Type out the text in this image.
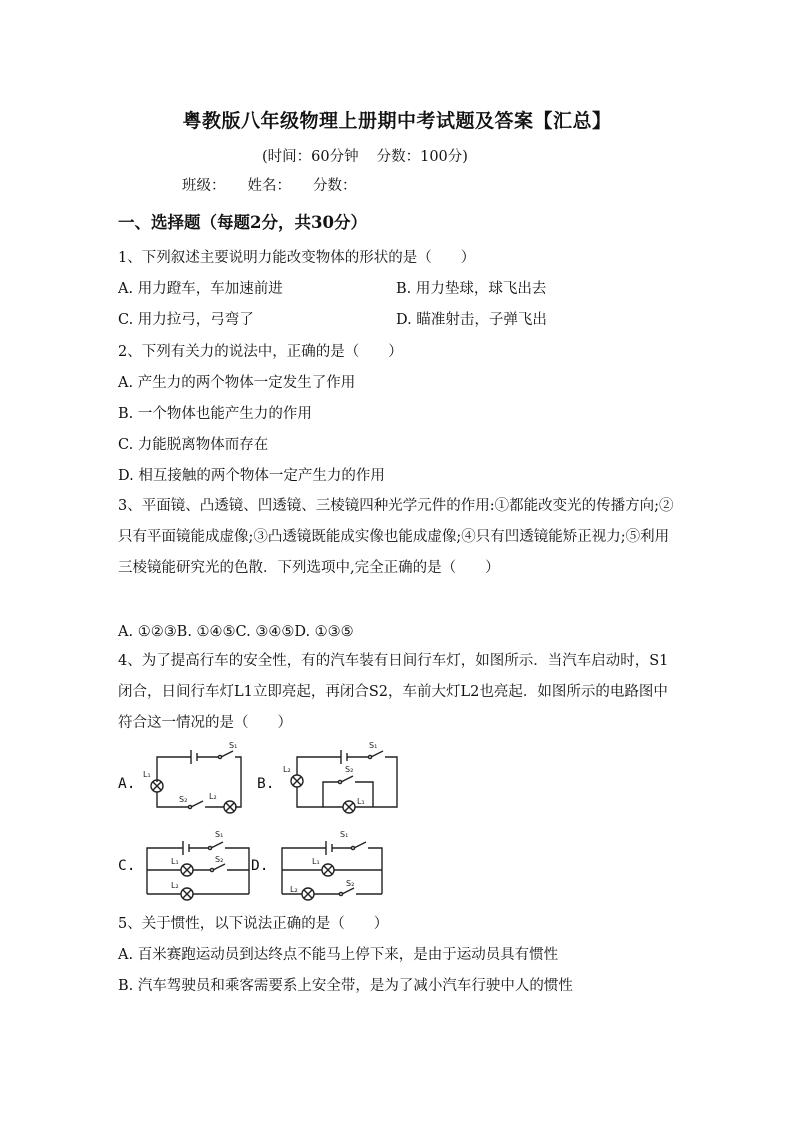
粤教版八年级物理上册期中考试题及答案【汇总】
(时间：60分钟 分数：100分)
班级： 姓名： 分数：
一、选择题（每题2分，共30分）
1、下列叙述主要说明力能改变物体的形状的是（　　）
A. 用力蹬车，车加速前进	B. 用力垫球，球飞出去
C. 用力拉弓，弓弯了	D. 瞄准射击，子弹飞出
2、下列有关力的说法中，正确的是（　　）
A. 产生力的两个物体一定发生了作用
B. 一个物体也能产生力的作用
C. 力能脱离物体而存在
D. 相互接触的两个物体一定产生力的作用
3、平面镜、凸透镜、凹透镜、三棱镜四种光学元件的作用:①都能改变光的传播方向;②只有平面镜能成虚像;③凸透镜既能成实像也能成虚像;④只有凹透镜能矫正视力;⑤利用三棱镜能研究光的色散．下列选项中,完全正确的是（　　）
A. ①②③B. ①④⑤C. ③④⑤D. ①③⑤
4、为了提高行车的安全性，有的汽车装有日间行车灯，如图所示．当汽车启动时，S1闭合，日间行车灯L1立即亮起，再闭合S2，车前大灯L2也亮起．如图所示的电路图中符合这一情况的是（　　）
A.	B.
C.	D.
S₁
L₁
S₂	L₂
S₁
L₂	S₂
L₁
S₁
L₁	S₂
L₂
S₁
L₁
L₂
S₂
5、关于惯性，以下说法正确的是（　　）
A. 百米赛跑运动员到达终点不能马上停下来，是由于运动员具有惯性
B. 汽车驾驶员和乘客需要系上安全带，是为了减小汽车行驶中人的惯性
